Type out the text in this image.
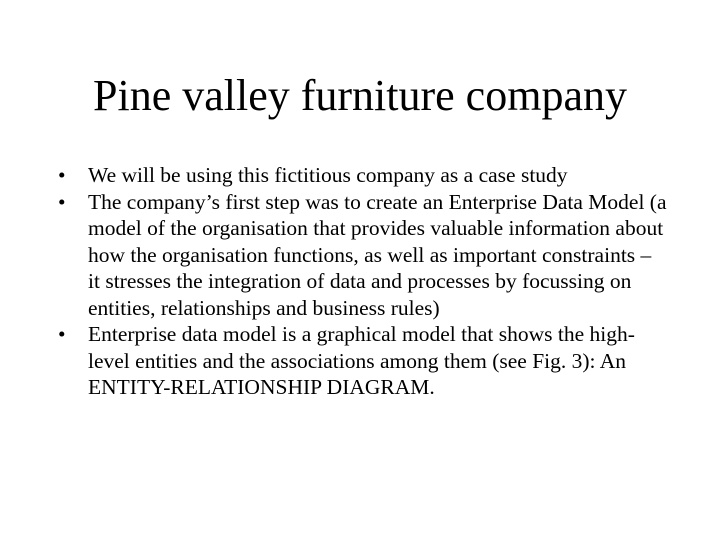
Pine valley furniture company
•	We will be using this fictitious company as a case study
•	The company’s first step was to create an Enterprise Data Model (a model of the organisation that provides valuable information about how the organisation functions, as well as important constraints – it stresses the integration of data and processes by focussing on entities, relationships and business rules)
•	Enterprise data model is a graphical model that shows the high-level entities and the associations among them (see Fig. 3): An ENTITY-RELATIONSHIP DIAGRAM.
